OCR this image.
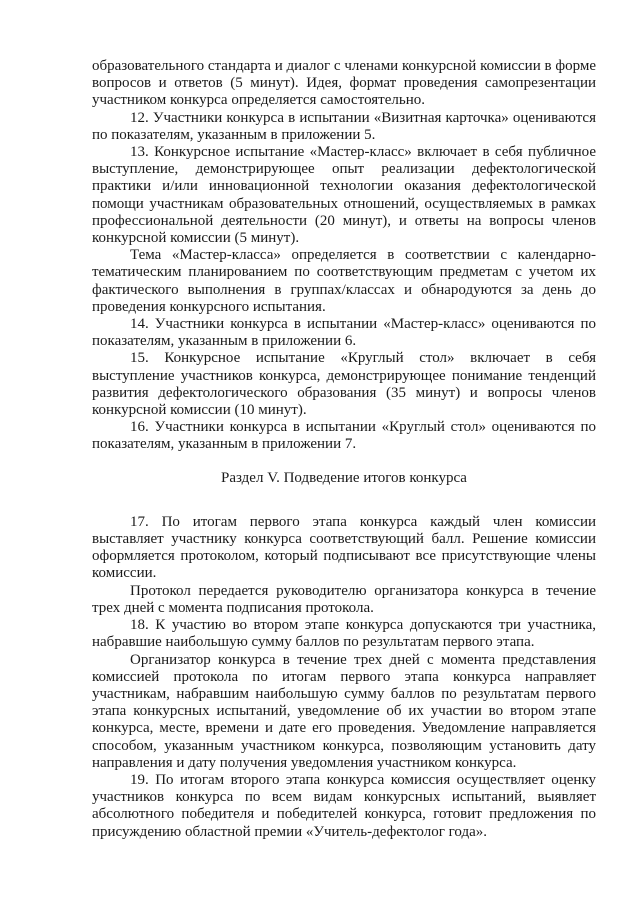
образовательного стандарта и диалог с членами конкурсной комиссии в форме вопросов и ответов (5 минут). Идея, формат проведения самопрезентации участником конкурса определяется самостоятельно.

12. Участники конкурса в испытании «Визитная карточка» оцениваются по показателям, указанным в приложении 5.

13. Конкурсное испытание «Мастер-класс» включает в себя публичное выступление, демонстрирующее опыт реализации дефектологической практики и/или инновационной технологии оказания дефектологической помощи участникам образовательных отношений, осуществляемых в рамках профессиональной деятельности (20 минут), и ответы на вопросы членов конкурсной комиссии (5 минут).

Тема «Мастер-класса» определяется в соответствии с календарно-тематическим планированием по соответствующим предметам с учетом их фактического выполнения в группах/классах и обнародуются за день до проведения конкурсного испытания.

14. Участники конкурса в испытании «Мастер-класс» оцениваются по показателям, указанным в приложении 6.

15. Конкурсное испытание «Круглый стол» включает в себя выступление участников конкурса, демонстрирующее понимание тенденций развития дефектологического образования (35 минут) и вопросы членов конкурсной комиссии (10 минут).

16. Участники конкурса в испытании «Круглый стол» оцениваются по показателям, указанным в приложении 7.

Раздел V. Подведение итогов конкурса

17. По итогам первого этапа конкурса каждый член комиссии выставляет участнику конкурса соответствующий балл. Решение комиссии оформляется протоколом, который подписывают все присутствующие члены комиссии.

Протокол передается руководителю организатора конкурса в течение трех дней с момента подписания протокола.

18. К участию во втором этапе конкурса допускаются три участника, набравшие наибольшую сумму баллов по результатам первого этапа.

Организатор конкурса в течение трех дней с момента представления комиссией протокола по итогам первого этапа конкурса направляет участникам, набравшим наибольшую сумму баллов по результатам первого этапа конкурсных испытаний, уведомление об их участии во втором этапе конкурса, месте, времени и дате его проведения. Уведомление направляется способом, указанным участником конкурса, позволяющим установить дату направления и дату получения уведомления участником конкурса.

19. По итогам второго этапа конкурса комиссия осуществляет оценку участников конкурса по всем видам конкурсных испытаний, выявляет абсолютного победителя и победителей конкурса, готовит предложения по присуждению областной премии «Учитель-дефектолог года».
